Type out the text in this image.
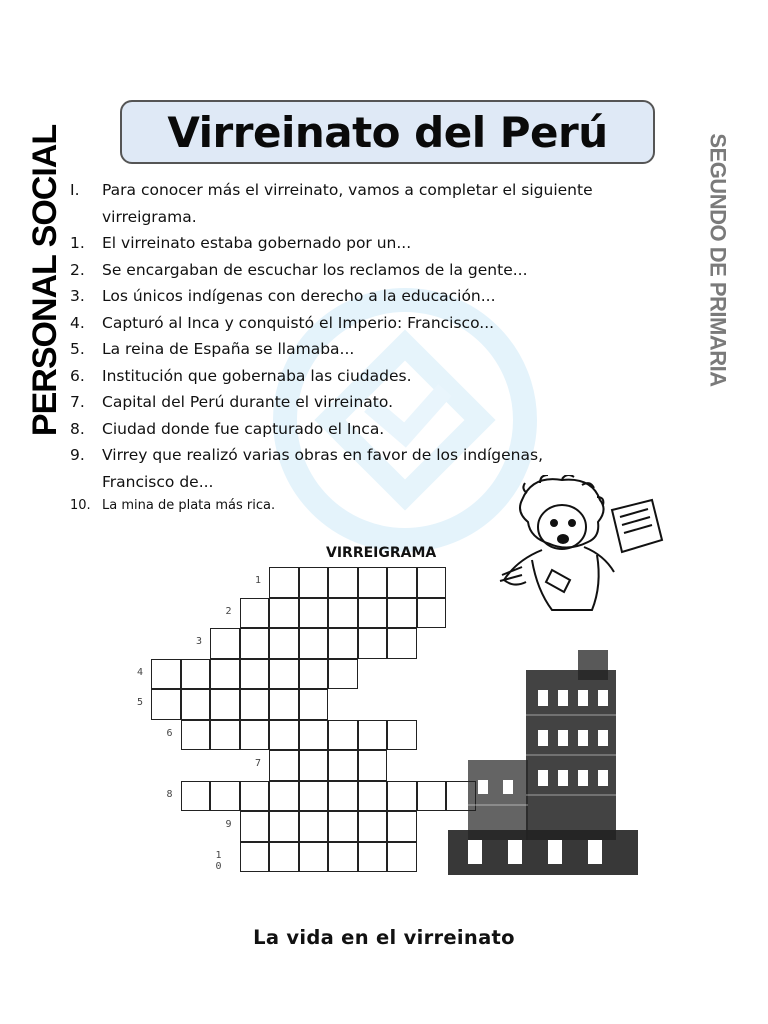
Virreinato del Perú
PERSONAL SOCIAL	SEGUNDO DE PRIMARIA
I.	Para conocer más el virreinato, vamos a completar el siguiente
virreigrama.
1.	El virreinato estaba gobernado por un...
2.	Se encargaban de escuchar los reclamos de la gente...
3.	Los únicos indígenas con derecho a la educación...
4.	Capturó al Inca y conquistó el Imperio: Francisco...
5.	La reina de España se llamaba...
6.	Institución que gobernaba las ciudades.
7.	Capital del Perú durante el virreinato.
8.	Ciudad donde fue capturado el Inca.
9.	Virrey que realizó varias obras en favor de los indígenas,
Francisco de...
10. La mina de plata más rica.
VIRREIGRAMA
1
2
3
4
5
6
7
8
9
1 0
La vida en el virreinato
